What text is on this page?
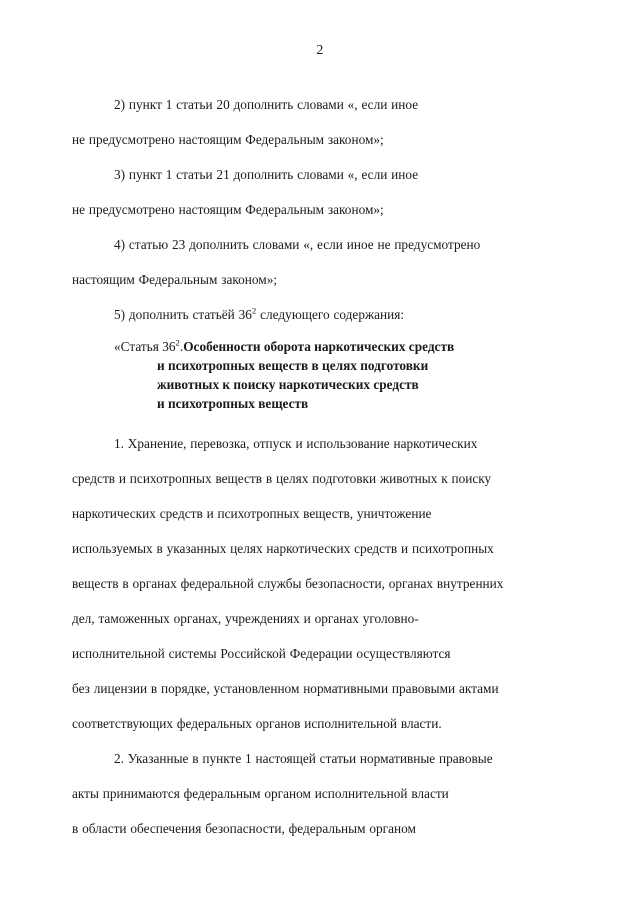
2

2) пункт 1 статьи 20 дополнить словами «, если иное

не предусмотрено настоящим Федеральным законом»;

3) пункт 1 статьи 21 дополнить словами «, если иное

не предусмотрено настоящим Федеральным законом»;

4) статью 23 дополнить словами «, если иное не предусмотрено

настоящим Федеральным законом»;

5) дополнить статьёй $36^2$ следующего содержания:

«Статья $36^2$. Особенности оборота наркотических средств
и психотропных веществ в целях подготовки
животных к поиску наркотических средств
и психотропных веществ

1. Хранение, перевозка, отпуск и использование наркотических

средств и психотропных веществ в целях подготовки животных к поиску

наркотических средств и психотропных веществ, уничтожение

используемых в указанных целях наркотических средств и психотропных

веществ в органах федеральной службы безопасности, органах внутренних

дел, таможенных органах, учреждениях и органах уголовно-

исполнительной системы Российской Федерации осуществляются

без лицензии в порядке, установленном нормативными правовыми актами

соответствующих федеральных органов исполнительной власти.

2. Указанные в пункте 1 настоящей статьи нормативные правовые

акты принимаются федеральным органом исполнительной власти

в области обеспечения безопасности, федеральным органом
